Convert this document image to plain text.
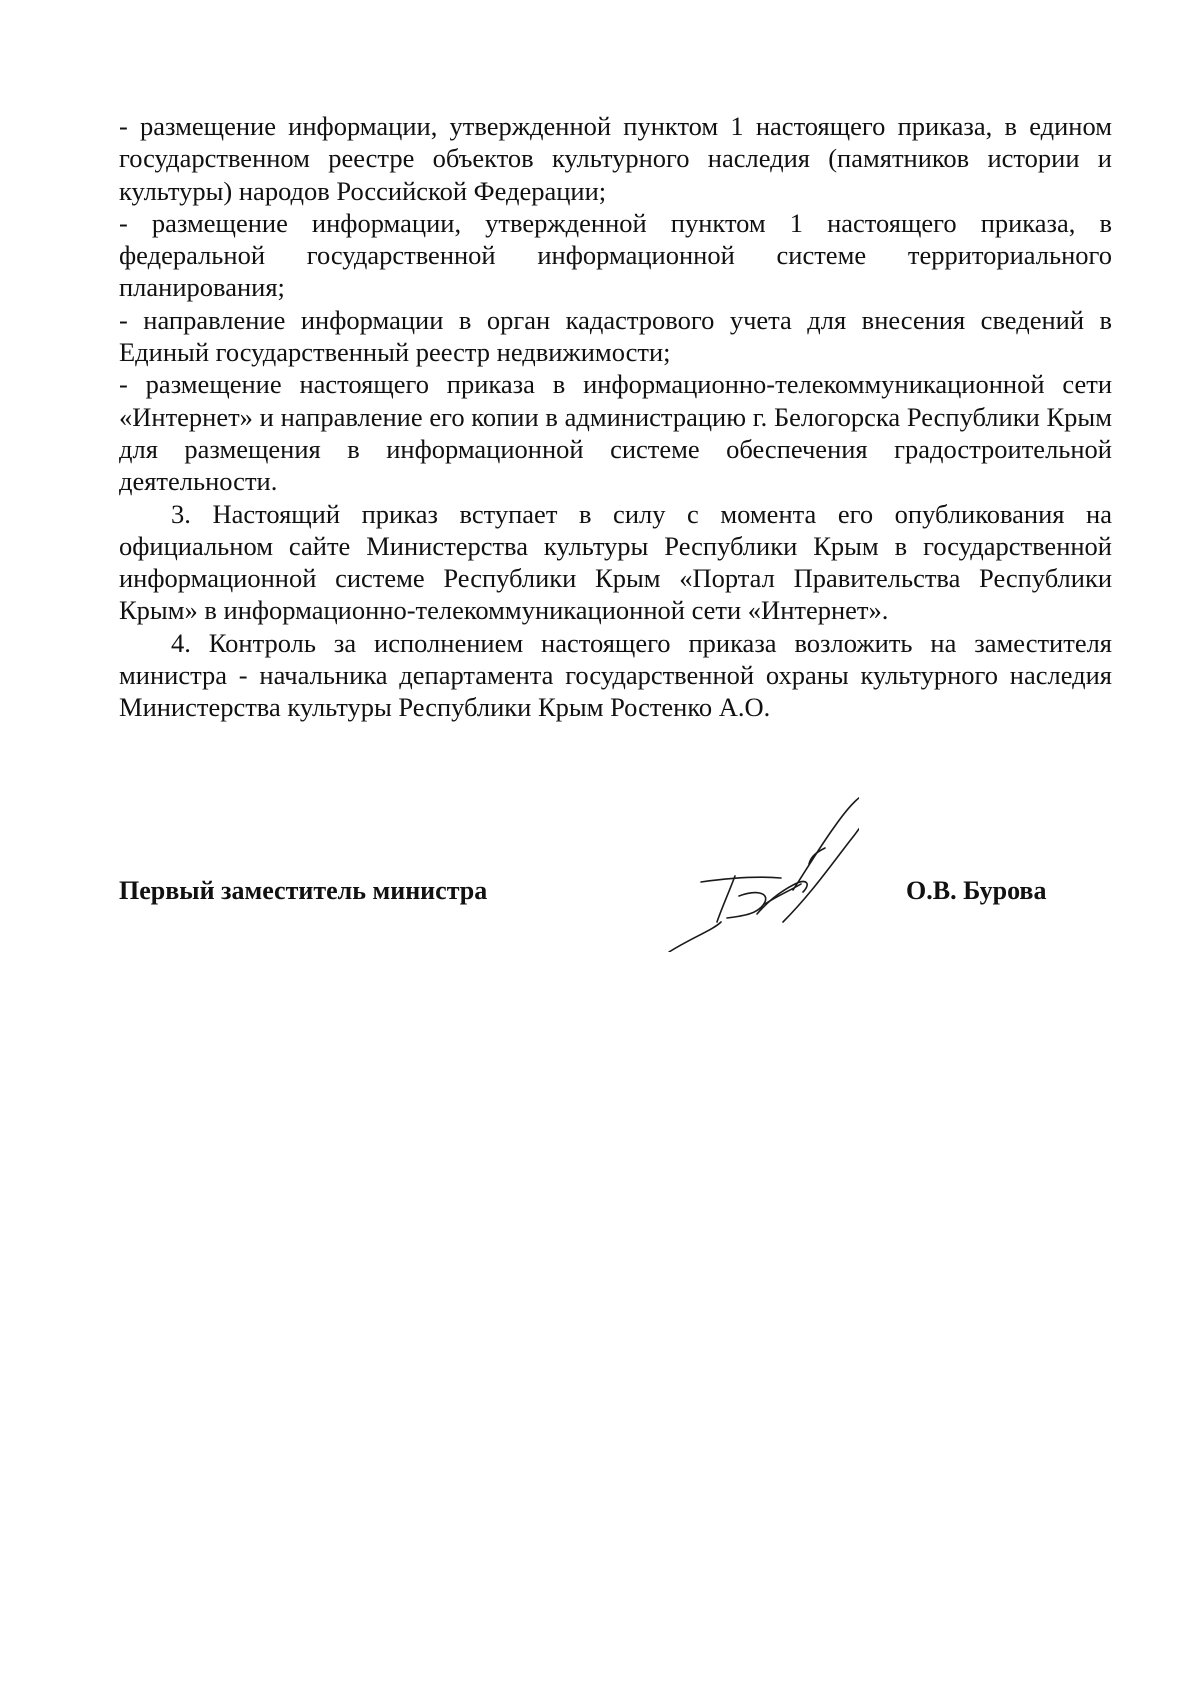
- размещение информации, утвержденной пунктом 1 настоящего приказа, в едином государственном реестре объектов культурного наследия (памятников истории и культуры) народов Российской Федерации;

- размещение информации, утвержденной пунктом 1 настоящего приказа, в федеральной государственной информационной системе территориального планирования;

- направление информации в орган кадастрового учета для внесения сведений в Единый государственный реестр недвижимости;

- размещение настоящего приказа в информационно-телекоммуникационной сети «Интернет» и направление его копии в администрацию г. Белогорска Республики Крым для размещения в информационной системе обеспечения градостроительной деятельности.

3. Настоящий приказ вступает в силу с момента его опубликования на официальном сайте Министерства культуры Республики Крым в государственной информационной системе Республики Крым «Портал Правительства Республики Крым» в информационно-телекоммуникационной сети «Интернет».

4. Контроль за исполнением настоящего приказа возложить на заместителя министра - начальника департамента государственной охраны культурного наследия Министерства культуры Республики Крым Ростенко А.О.

Первый заместитель министра	О.В. Бурова
